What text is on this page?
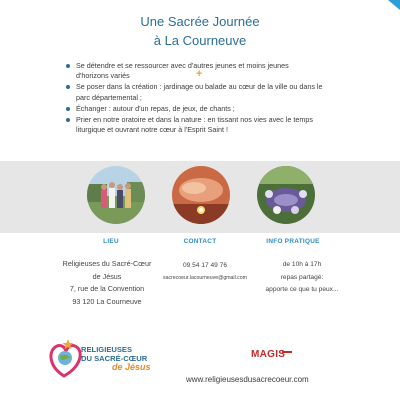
Une Sacrée Journée
à La Courneuve
+
Se détendre et se ressourcer avec d'autres jeunes et moins jeunes
d'horizons variés
Se poser dans la création : jardinage ou balade au cœur de la ville ou dans le
parc départemental ;
Échanger : autour d'un repas, de jeux, de chants ;
Prier en notre oratoire et dans la nature : en tissant nos vies avec le temps
liturgique et ouvrant notre cœur à l'Esprit Saint !
LIEU	CONTACT	INFO PRATIQUE
Religieuses du Sacré-Cœur
de Jésus
7, rue de la Convention
93 120 La Courneuve
09 54 17 49 76
sacrecoeur.lacourneuve@gmail.com
de 10h à 17h
repas partagé:
apporte ce que tu peux...
RELIGIEUSES
DU SACRÉ-CŒUR
de Jésus
MAGIS
www.religieusesdusacrecoeur.com
